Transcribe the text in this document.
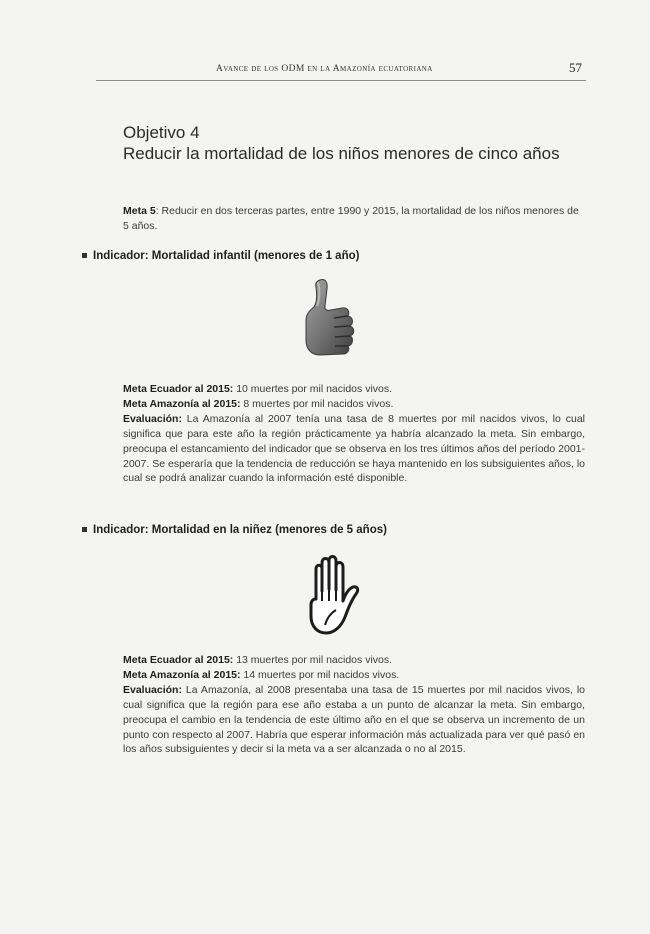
Avance de los ODM en la Amazonía ecuatoriana	57
Objetivo 4
Reducir la mortalidad de los niños menores de cinco años
Meta 5: Reducir en dos terceras partes, entre 1990 y 2015, la mortalidad de los niños menores de 5 años.
Indicador: Mortalidad infantil (menores de 1 año)

Meta Ecuador al 2015: 10 muertes por mil nacidos vivos.

Meta Amazonía al 2015: 8 muertes por mil nacidos vivos.

Evaluación: La Amazonía al 2007 tenía una tasa de 8 muertes por mil nacidos vivos, lo cual significa que para este año la región prácticamente ya habría alcanzado la meta. Sin embargo, preocupa el estancamiento del indicador que se observa en los tres últimos años del período 2001-2007. Se esperaría que la tendencia de reducción se haya mantenido en los subsiguientes años, lo cual se podrá analizar cuando la información esté disponible.

Indicador: Mortalidad en la niñez (menores de 5 años)

Meta Ecuador al 2015: 13 muertes por mil nacidos vivos.

Meta Amazonía al 2015: 14 muertes por mil nacidos vivos.

Evaluación: La Amazonía, al 2008 presentaba una tasa de 15 muertes por mil nacidos vivos, lo cual significa que la región para ese año estaba a un punto de alcanzar la meta. Sin embargo, preocupa el cambio en la tendencia de este último año en el que se observa un incremento de un punto con respecto al 2007. Habría que esperar información más actualizada para ver qué pasó en los años subsiguientes y decir si la meta va a ser alcanzada o no al 2015.
